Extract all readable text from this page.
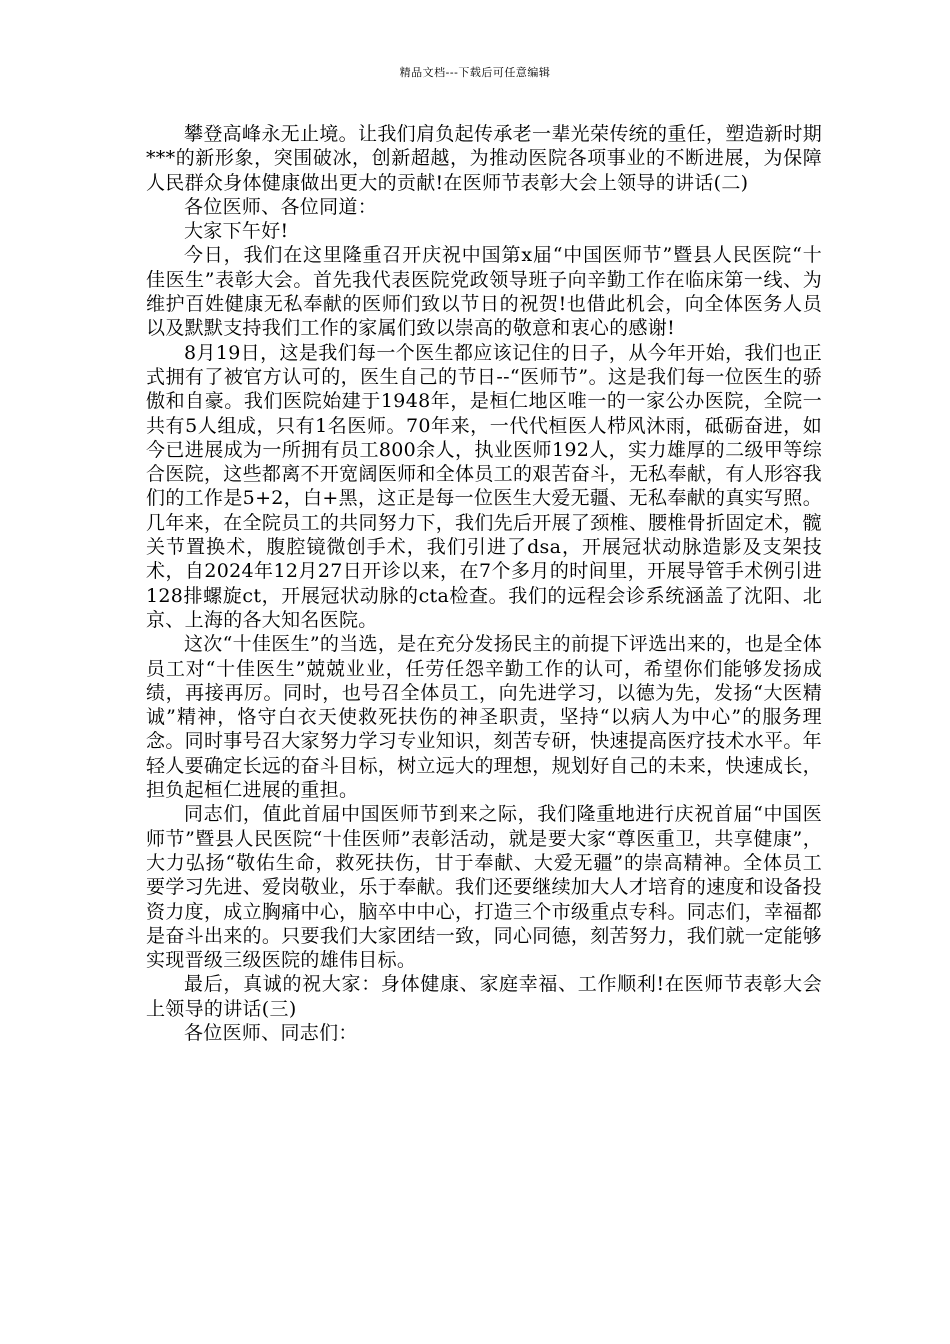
精品文档---下载后可任意编辑

攀登高峰永无止境。让我们肩负起传承老一辈光荣传统的重任，塑造新时期***的新形象，突围破冰，创新超越，为推动医院各项事业的不断进展，为保障人民群众身体健康做出更大的贡献!在医师节表彰大会上领导的讲话(二)

各位医师、各位同道：

大家下午好!

今日，我们在这里隆重召开庆祝中国第x届“中国医师节”暨县人民医院“十佳医生”表彰大会。首先我代表医院党政领导班子向辛勤工作在临床第一线、为维护百姓健康无私奉献的医师们致以节日的祝贺!也借此机会，向全体医务人员以及默默支持我们工作的家属们致以崇高的敬意和衷心的感谢!

8月19日，这是我们每一个医生都应该记住的日子，从今年开始，我们也正式拥有了被官方认可的，医生自己的节日--“医师节”。这是我们每一位医生的骄傲和自豪。我们医院始建于1948年，是桓仁地区唯一的一家公办医院，全院一共有5人组成，只有1名医师。70年来，一代代桓医人栉风沐雨，砥砺奋进，如今已进展成为一所拥有员工800余人，执业医师192人，实力雄厚的二级甲等综合医院，这些都离不开宽阔医师和全体员工的艰苦奋斗，无私奉献，有人形容我们的工作是5+2，白+黑，这正是每一位医生大爱无疆、无私奉献的真实写照。几年来，在全院员工的共同努力下，我们先后开展了颈椎、腰椎骨折固定术，髋关节置换术，腹腔镜微创手术，我们引进了dsa，开展冠状动脉造影及支架技术，自2024年12月27日开诊以来，在7个多月的时间里，开展导管手术例引进128排螺旋ct，开展冠状动脉的cta检查。我们的远程会诊系统涵盖了沈阳、北京、上海的各大知名医院。

这次“十佳医生”的当选，是在充分发扬民主的前提下评选出来的，也是全体员工对“十佳医生”兢兢业业，任劳任怨辛勤工作的认可，希望你们能够发扬成绩，再接再厉。同时，也号召全体员工，向先进学习，以德为先，发扬“大医精诚”精神，恪守白衣天使救死扶伤的神圣职责，坚持“以病人为中心”的服务理念。同时事号召大家努力学习专业知识，刻苦专研，快速提高医疗技术水平。年轻人要确定长远的奋斗目标，树立远大的理想，规划好自己的未来，快速成长，担负起桓仁进展的重担。

同志们，值此首届中国医师节到来之际，我们隆重地进行庆祝首届“中国医师节”暨县人民医院“十佳医师”表彰活动，就是要大家“尊医重卫，共享健康”，大力弘扬“敬佑生命，救死扶伤，甘于奉献、大爱无疆”的崇高精神。全体员工要学习先进、爱岗敬业，乐于奉献。我们还要继续加大人才培育的速度和设备投资力度，成立胸痛中心，脑卒中中心，打造三个市级重点专科。同志们，幸福都是奋斗出来的。只要我们大家团结一致，同心同德，刻苦努力，我们就一定能够实现晋级三级医院的雄伟目标。

最后，真诚的祝大家：身体健康、家庭幸福、工作顺利!在医师节表彰大会上领导的讲话(三)

各位医师、同志们：
